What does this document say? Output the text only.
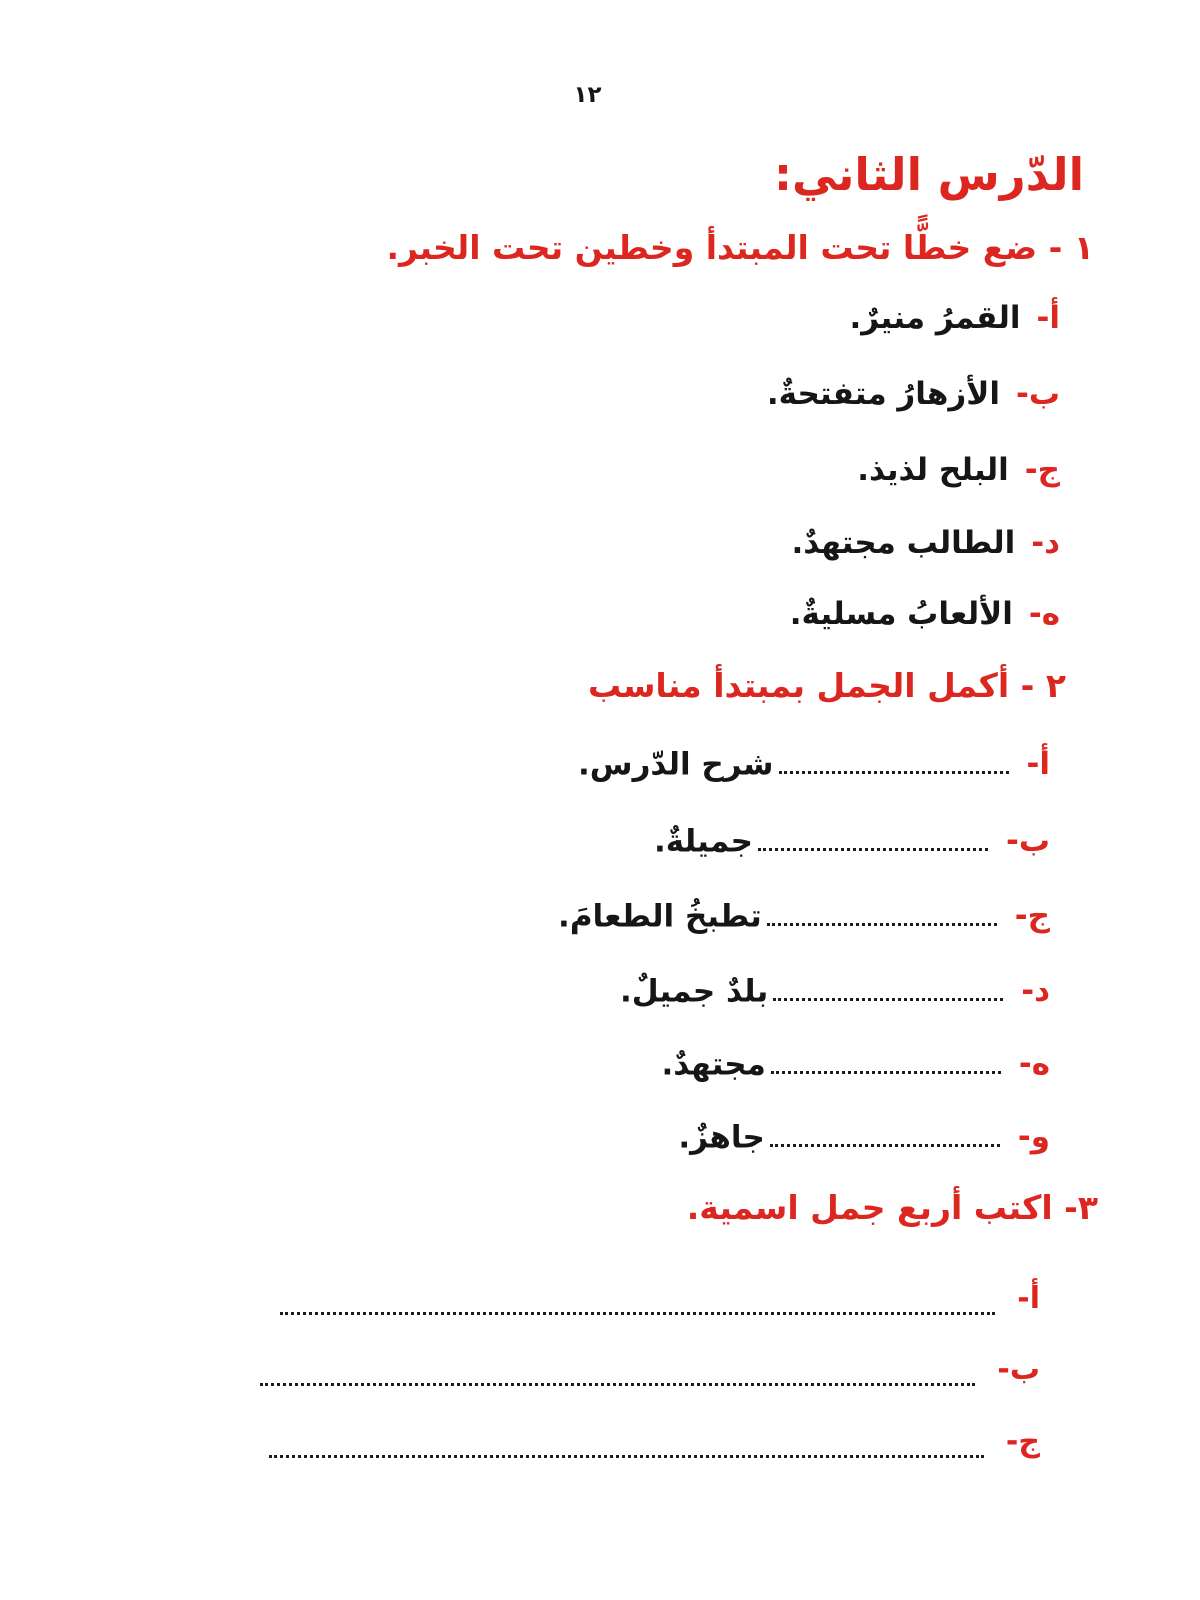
١٢
الدّرس الثاني:
١ - ضع خطًّا تحت المبتدأ وخطين تحت الخبر.
أ-القمرُ منيرٌ.
ب-الأزهارُ متفتحةٌ.
ج-البلح لذيذ.
د-الطالب مجتهدٌ.
ه-الألعابُ مسليةٌ.
٢ - أكمل الجمل بمبتدأ مناسب
أ-شرح الدّرس.
ب-جميلةٌ.
ج-تطبخُ الطعامَ.
د-بلدٌ جميلٌ.
ه-مجتهدٌ.
و-جاهزٌ.
٣- اكتب أربع جمل اسمية.
أ-
ب-
ج-
